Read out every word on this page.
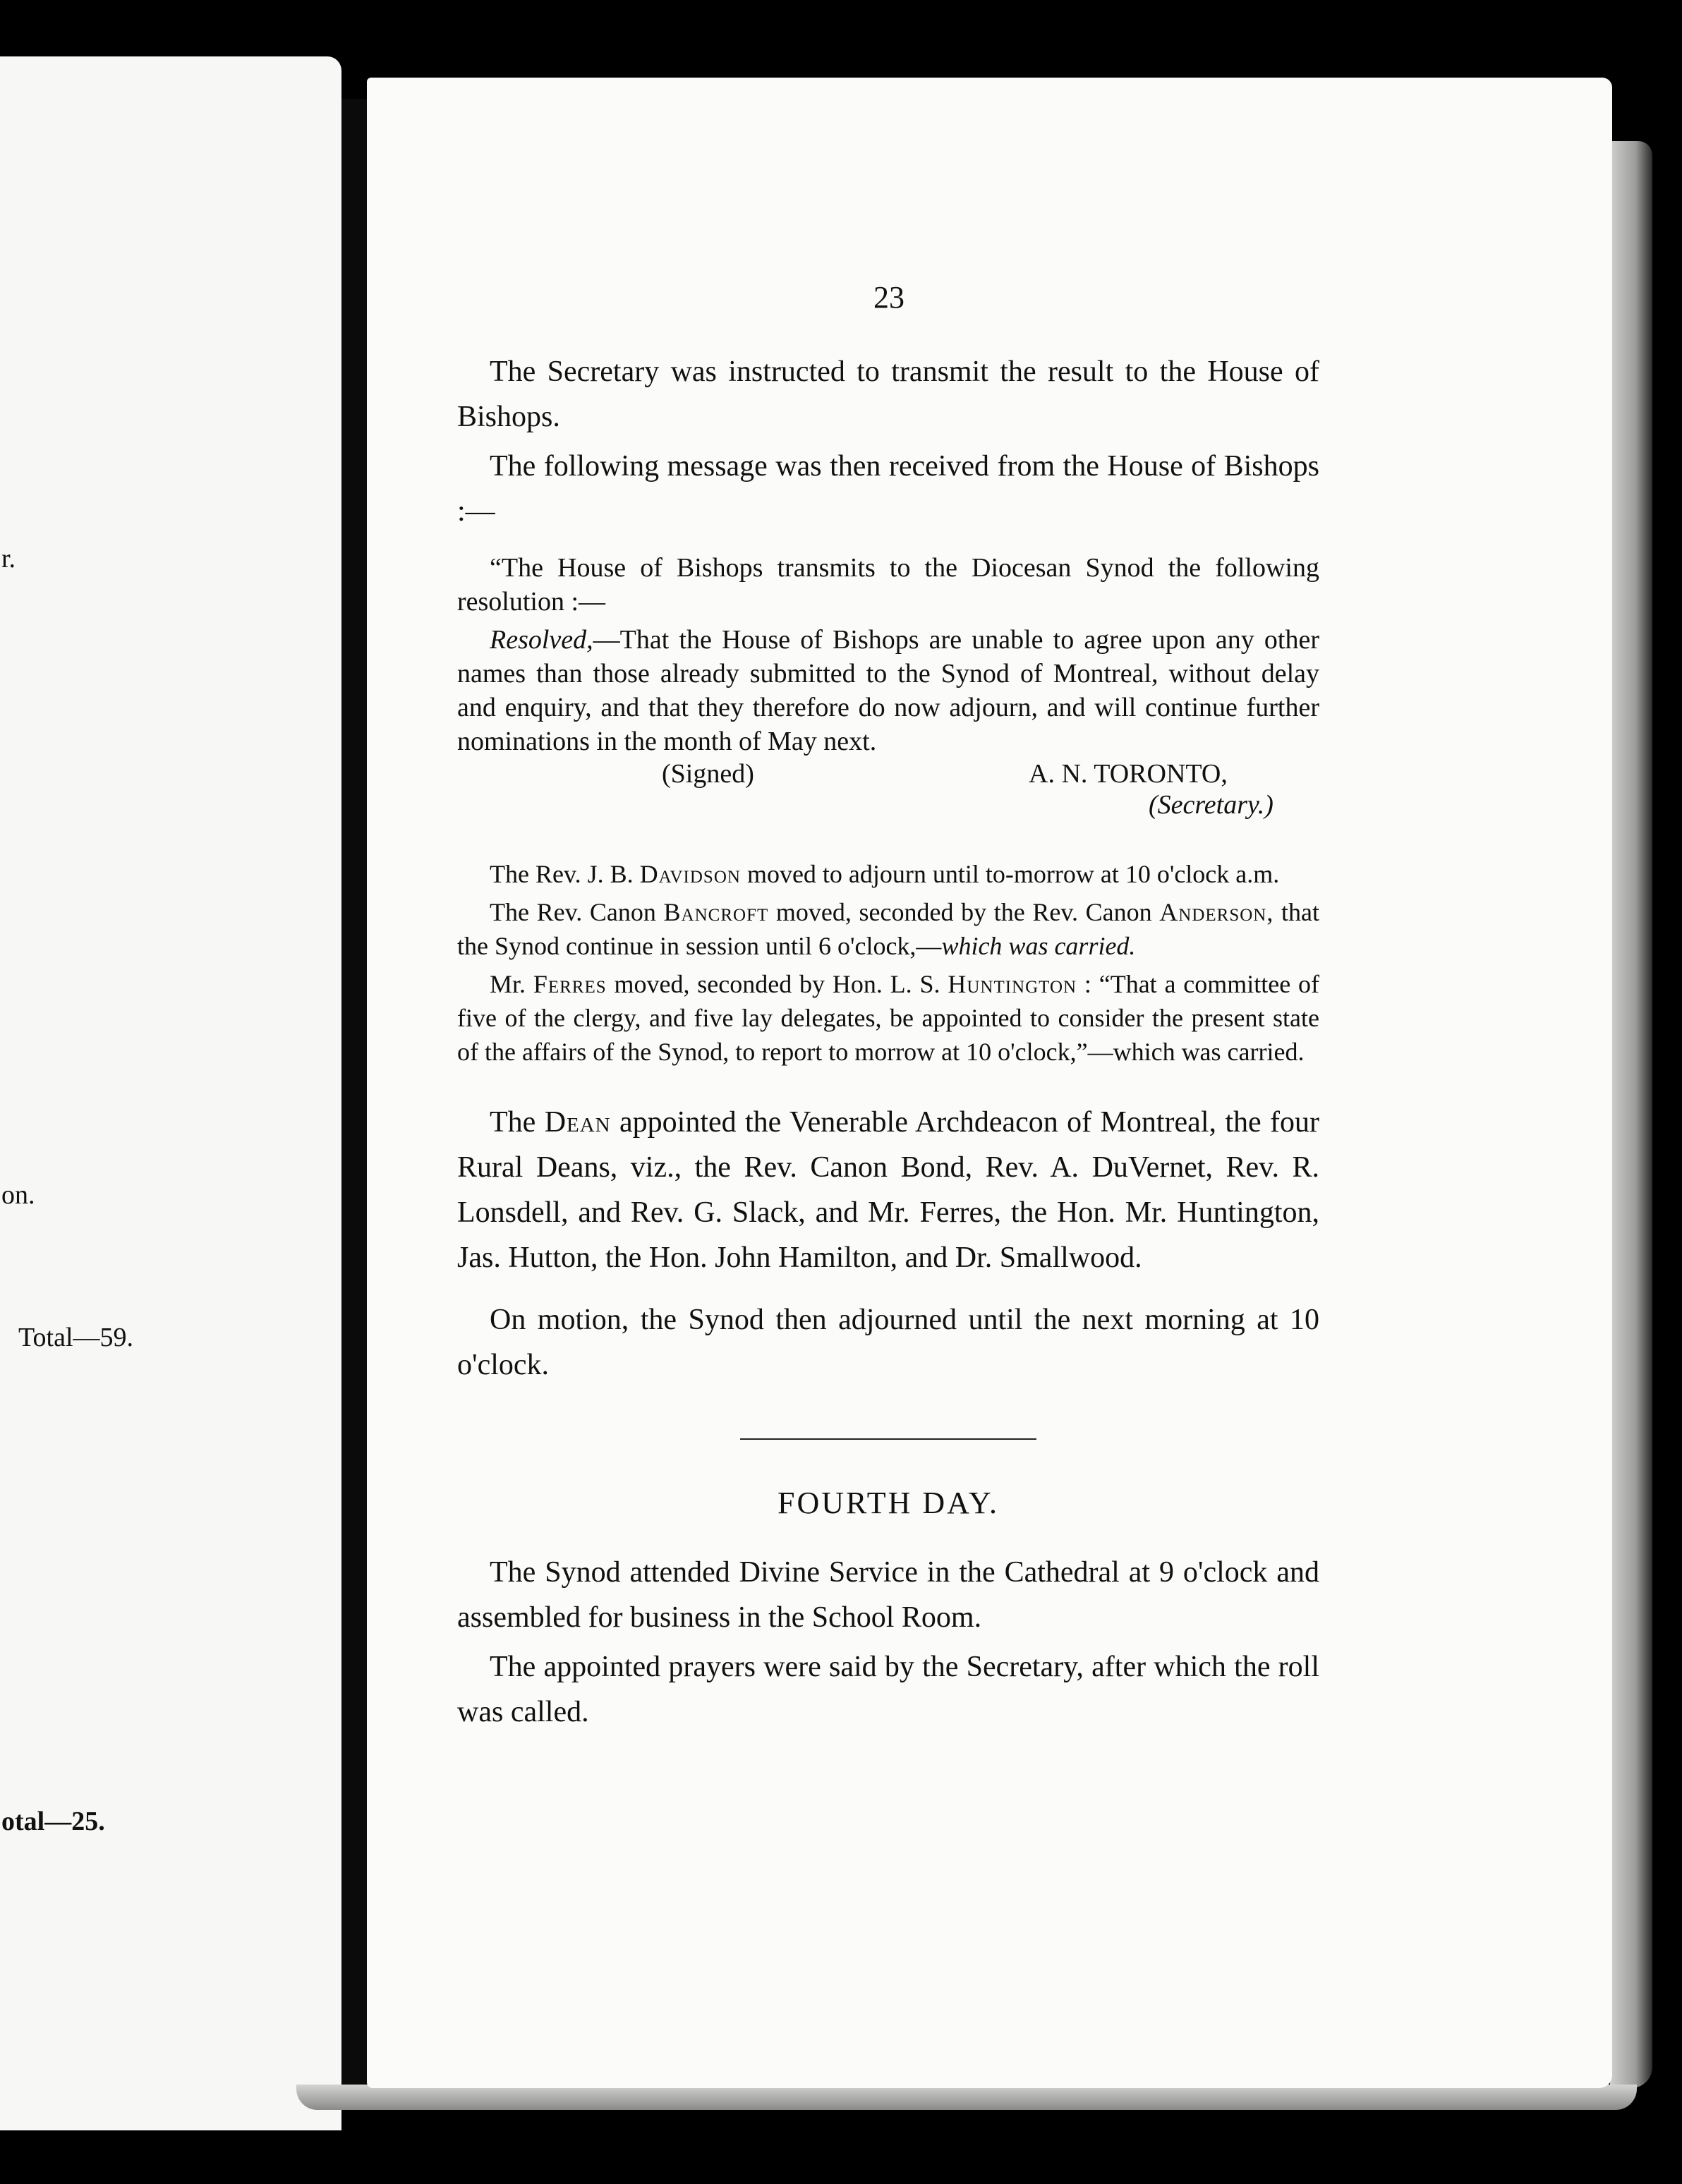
r.
on.
Total—59.
otal—25.
23

The Secretary was instructed to transmit the result to the House of Bishops.

The following message was then received from the House of Bishops :—

“The House of Bishops transmits to the Diocesan Synod the following resolution :—

Resolved,—That the House of Bishops are unable to agree upon any other names than those already submitted to the Synod of Montreal, without delay and enquiry, and that they therefore do now adjourn, and will continue further nominations in the month of May next.

(Signed)	A. N. TORONTO,
(Secretary.)

The Rev. J. B. Davidson moved to adjourn until to-morrow at 10 o'clock a.m.

The Rev. Canon Bancroft moved, seconded by the Rev. Canon Anderson, that the Synod continue in session until 6 o'clock,—which was carried.

Mr. Ferres moved, seconded by Hon. L. S. Huntington : “That a committee of five of the clergy, and five lay delegates, be appointed to consider the present state of the affairs of the Synod, to report to morrow at 10 o'clock,”—which was carried.

The Dean appointed the Venerable Archdeacon of Montreal, the four Rural Deans, viz., the Rev. Canon Bond, Rev. A. DuVernet, Rev. R. Lonsdell, and Rev. G. Slack, and Mr. Ferres, the Hon. Mr. Huntington, Jas. Hutton, the Hon. John Hamilton, and Dr. Smallwood.

On motion, the Synod then adjourned until the next morning at 10 o'clock.

FOURTH DAY.

The Synod attended Divine Service in the Cathedral at 9 o'clock and assembled for business in the School Room.

The appointed prayers were said by the Secretary, after which the roll was called.
